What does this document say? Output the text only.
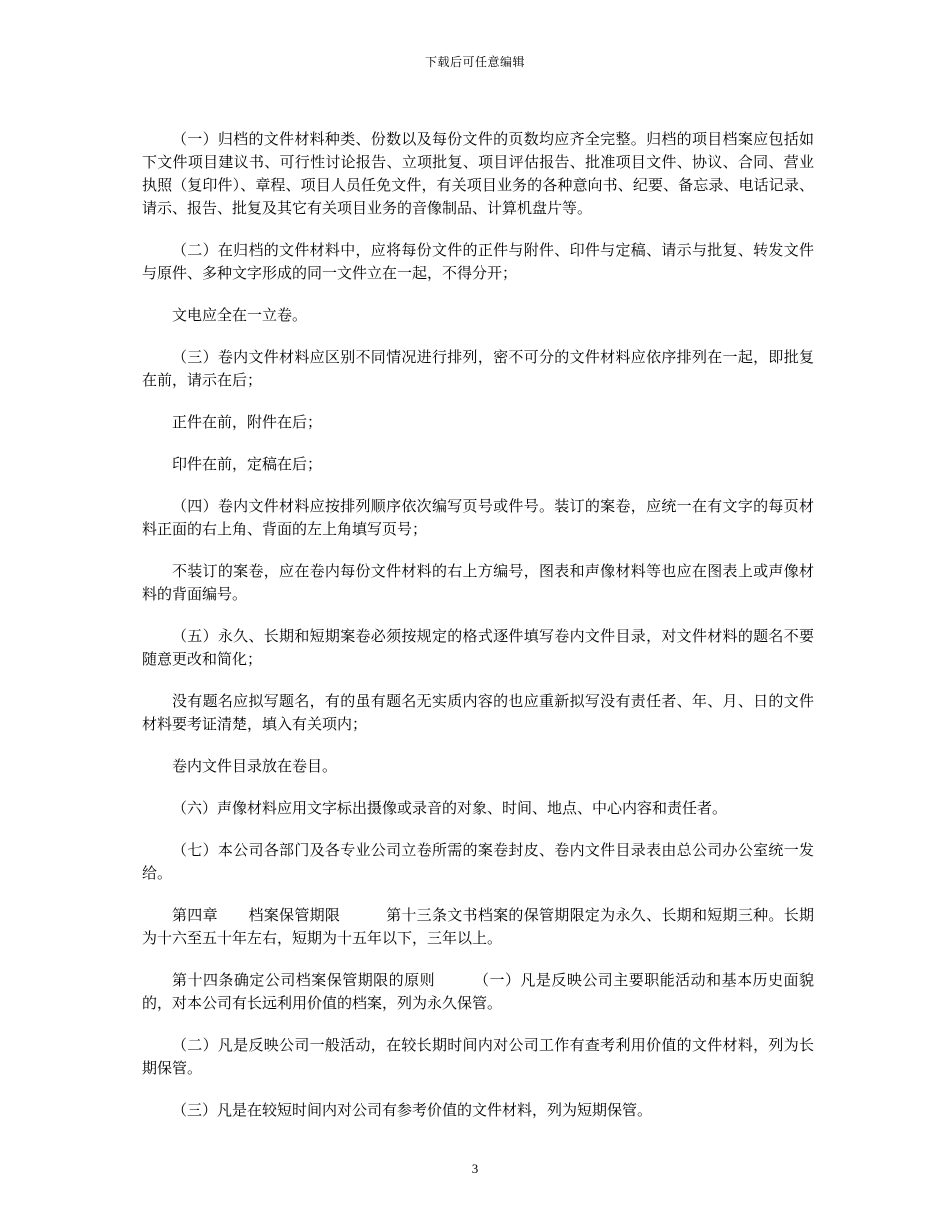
下载后可任意编辑

（一）归档的文件材料种类、份数以及每份文件的页数均应齐全完整。归档的项目档案应包括如下文件项目建议书、可行性讨论报告、立项批复、项目评估报告、批准项目文件、协议、合同、营业执照（复印件）、章程、项目人员任免文件，有关项目业务的各种意向书、纪要、备忘录、电话记录、请示、报告、批复及其它有关项目业务的音像制品、计算机盘片等。

（二）在归档的文件材料中，应将每份文件的正件与附件、印件与定稿、请示与批复、转发文件与原件、多种文字形成的同一文件立在一起，不得分开；

文电应全在一立卷。

（三）卷内文件材料应区别不同情况进行排列，密不可分的文件材料应依序排列在一起，即批复在前，请示在后；

正件在前，附件在后；

印件在前，定稿在后；

（四）卷内文件材料应按排列顺序依次编写页号或件号。装订的案卷，应统一在有文字的每页材料正面的右上角、背面的左上角填写页号；

不装订的案卷，应在卷内每份文件材料的右上方编号，图表和声像材料等也应在图表上或声像材料的背面编号。

（五）永久、长期和短期案卷必须按规定的格式逐件填写卷内文件目录，对文件材料的题名不要随意更改和简化；

没有题名应拟写题名，有的虽有题名无实质内容的也应重新拟写没有责任者、年、月、日的文件材料要考证清楚，填入有关项内；

卷内文件目录放在卷目。

（六）声像材料应用文字标出摄像或录音的对象、时间、地点、中心内容和责任者。

（七）本公司各部门及各专业公司立卷所需的案卷封皮、卷内文件目录表由总公司办公室统一发给。

第四章　　档案保管期限　　　第十三条文书档案的保管期限定为永久、长期和短期三种。长期为十六至五十年左右，短期为十五年以下，三年以上。

第十四条确定公司档案保管期限的原则　　　（一）凡是反映公司主要职能活动和基本历史面貌的，对本公司有长远利用价值的档案，列为永久保管。

（二）凡是反映公司一般活动，在较长期时间内对公司工作有查考利用价值的文件材料，列为长期保管。

（三）凡是在较短时间内对公司有参考价值的文件材料，列为短期保管。

3
